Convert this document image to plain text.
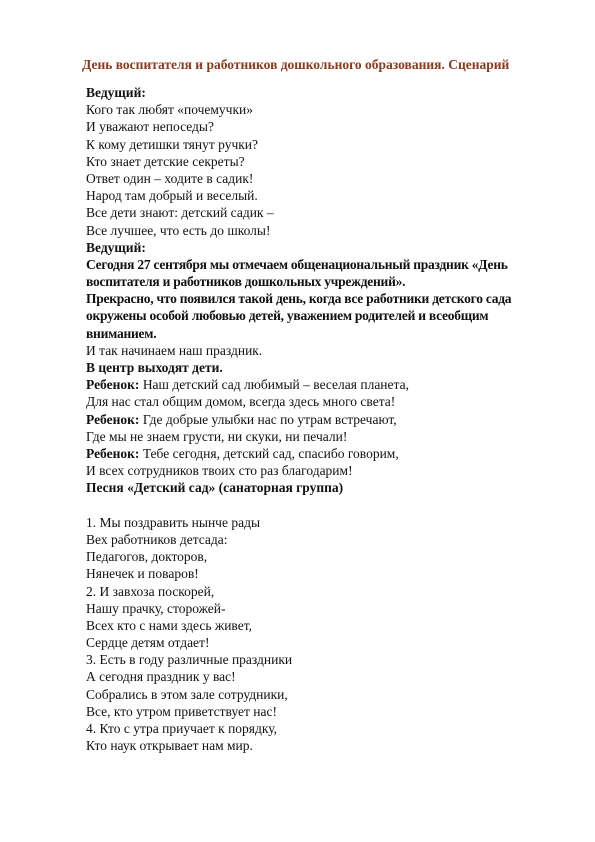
День воспитателя и работников дошкольного образования. Сценарий
Ведущий:
Кого так любят «почемучки»
И уважают непоседы?
К кому детишки тянут ручки?
Кто знает детские секреты?
Ответ один – ходите в садик!
Народ там добрый и веселый.
Все дети знают: детский садик –
Все лучшее, что есть до школы!
Ведущий:
Сегодня 27 сентября мы отмечаем общенациональный праздник «День воспитателя и работников дошкольных учреждений».
Прекрасно, что появился такой день, когда все работники детского сада окружены особой любовью детей, уважением родителей и всеобщим вниманием.
И так начинаем наш праздник.
В центр выходят дети.
Ребенок: Наш детский сад любимый – веселая планета,
Для нас стал общим домом, всегда здесь много света!
Ребенок: Где добрые улыбки нас по утрам встречают,
Где мы не знаем грусти, ни скуки, ни печали!
Ребенок: Тебе сегодня, детский сад, спасибо говорим,
И всех сотрудников твоих сто раз благодарим!
Песня «Детский сад» (санаторная группа)
1. Мы поздравить нынче рады
Вех работников детсада:
Педагогов, докторов,
Нянечек и поваров!
2. И завхоза поскорей,
Нашу прачку, сторожей-
Всех кто с нами здесь живет,
Сердце детям отдает!
3. Есть в году различные праздники
А сегодня праздник у вас!
Собрались в этом зале сотрудники,
Все, кто утром приветствует нас!
4. Кто с утра приучает к порядку,
Кто наук открывает нам мир.
